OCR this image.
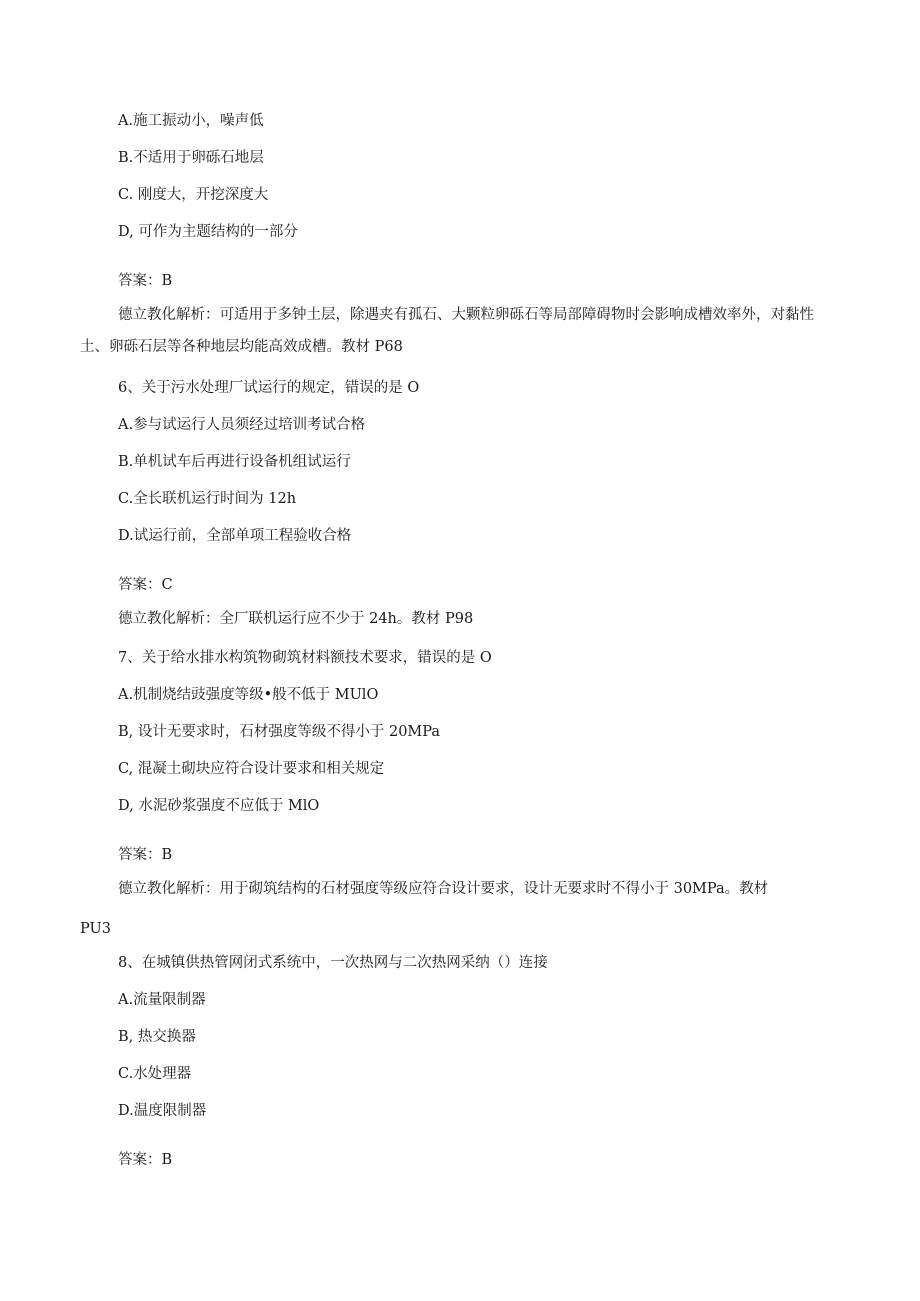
A.施工振动小，噪声低
B.不适用于卵砾石地层
C. 刚度大，开挖深度大
D, 可作为主题结构的一部分
答案：B
德立教化解析：可适用于多钟土层，除遇夹有孤石、大颗粒卵砾石等局部障碍物时会影响成槽效率外，对黏性土、卵砾石层等各种地层均能高效成槽。教材 P68
6、关于污水处理厂试运行的规定，错误的是 O
A.参与试运行人员须经过培训考试合格
B.单机试车后再进行设备机组试运行
C.全长联机运行时间为 12h
D.试运行前，全部单项工程验收合格
答案：C
德立教化解析：全厂联机运行应不少于 24h。教材 P98
7、关于给水排水构筑物砌筑材料额技术要求，错误的是 O
A.机制烧结豉强度等级•般不低于 MUlO
B, 设计无要求时，石材强度等级不得小于 20MPa
C, 混凝土砌块应符合设计要求和相关规定
D, 水泥砂浆强度不应低于 MlO
答案：B
德立教化解析：用于砌筑结构的石材强度等级应符合设计要求，设计无要求时不得小于 30MPa。教材
PU3
8、在城镇供热管网闭式系统中，一次热网与二次热网采纳（）连接
A.流量限制器
B, 热交换器
C.水处理器
D.温度限制器
答案：B
